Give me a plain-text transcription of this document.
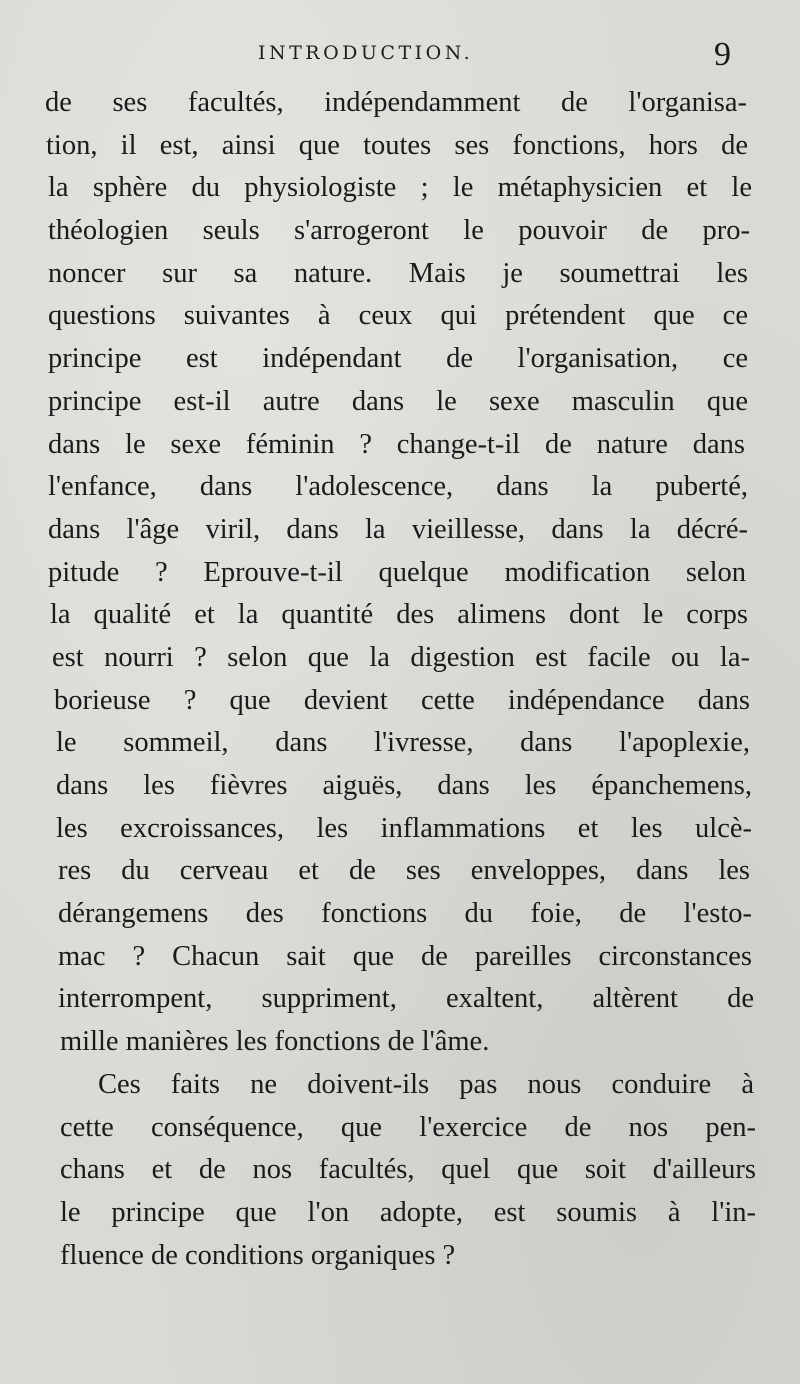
INTRODUCTION.	9
de ses facultés, indépendamment de l'organisa-
tion, il est, ainsi que toutes ses fonctions, hors de
la sphère du physiologiste ; le métaphysicien et le
théologien seuls s'arrogeront le pouvoir de pro-
noncer sur sa nature. Mais je soumettrai les
questions suivantes à ceux qui prétendent que ce
principe est indépendant de l'organisation, ce
principe est-il autre dans le sexe masculin que
dans le sexe féminin ? change-t-il de nature dans
l'enfance, dans l'adolescence, dans la puberté,
dans l'âge viril, dans la vieillesse, dans la décré-
pitude ? Eprouve-t-il quelque modification selon
la qualité et la quantité des alimens dont le corps
est nourri ? selon que la digestion est facile ou la-
borieuse ? que devient cette indépendance dans
le sommeil, dans l'ivresse, dans l'apoplexie,
dans les fièvres aiguës, dans les épanchemens,
les excroissances, les inflammations et les ulcè-
res du cerveau et de ses enveloppes, dans les
dérangemens des fonctions du foie, de l'esto-
mac ? Chacun sait que de pareilles circonstances
interrompent, suppriment, exaltent, altèrent de
mille manières les fonctions de l'âme.
Ces faits ne doivent-ils pas nous conduire à
cette conséquence, que l'exercice de nos pen-
chans et de nos facultés, quel que soit d'ailleurs
le principe que l'on adopte, est soumis à l'in-
fluence de conditions organiques ?
